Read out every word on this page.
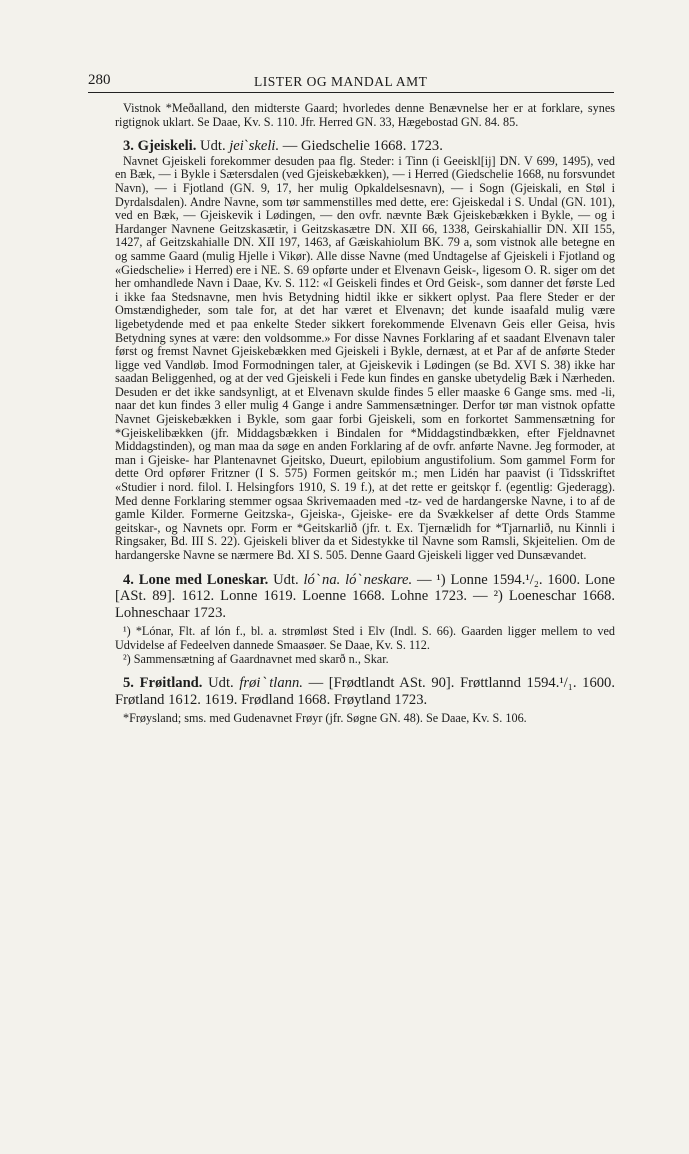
280	LISTER OG MANDAL AMT

Vistnok *Meðalland, den midterste Gaard; hvorledes denne Benævnelse her er at forklare, synes rigtignok uklart. Se Daae, Kv. S. 110. Jfr. Herred GN. 33, Hægebostad GN. 84. 85.

3. Gjeiskeli. Udt. jeiˋskeli. — Giedschelie 1668. 1723.

Navnet Gjeiskeli forekommer desuden paa flg. Steder: i Tinn (i Geeiskl[ij] DN. V 699, 1495), ved en Bæk, — i Bykle i Sætersdalen (ved Gjeiskebækken), — i Herred (Giedschelie 1668, nu forsvundet Navn), — i Fjotland (GN. 9, 17, her mulig Opkaldelsesnavn), — i Sogn (Gjeiskali, en Støl i Dyrdalsdalen). Andre Navne, som tør sammenstilles med dette, ere: Gjeiskedal i S. Undal (GN. 101), ved en Bæk, — Gjeiskevik i Lødingen, — den ovfr. nævnte Bæk Gjeiskebækken i Bykle, — og i Hardanger Navnene Geitzskasætir, i Geitzskasætre DN. XII 66, 1338, Geirskahiallir DN. XII 155, 1427, af Geitzskahialle DN. XII 197, 1463, af Gæiskahiolum BK. 79 a, som vistnok alle betegne en og samme Gaard (mulig Hjelle i Vikør). Alle disse Navne (med Undtagelse af Gjeiskeli i Fjotland og «Giedschelie» i Herred) ere i NE. S. 69 opførte under et Elvenavn Geisk-, ligesom O. R. siger om det her omhandlede Navn i Daae, Kv. S. 112: «I Geiskeli findes et Ord Geisk-, som danner det første Led i ikke faa Stedsnavne, men hvis Betydning hidtil ikke er sikkert oplyst. Paa flere Steder er der Omstændigheder, som tale for, at det har været et Elvenavn; det kunde isaafald mulig være ligebetydende med et paa enkelte Steder sikkert forekommende Elvenavn Geis eller Geisa, hvis Betydning synes at være: den voldsomme.» For disse Navnes Forklaring af et saadant Elvenavn taler først og fremst Navnet Gjeiskebækken med Gjeiskeli i Bykle, dernæst, at et Par af de anførte Steder ligge ved Vandløb. Imod Formodningen taler, at Gjeiskevik i Lødingen (se Bd. XVI S. 38) ikke har saadan Beliggenhed, og at der ved Gjeiskeli i Fede kun findes en ganske ubetydelig Bæk i Nærheden. Desuden er det ikke sandsynligt, at et Elvenavn skulde findes 5 eller maaske 6 Gange sms. med -li, naar det kun findes 3 eller mulig 4 Gange i andre Sammensætninger. Derfor tør man vistnok opfatte Navnet Gjeiskebækken i Bykle, som gaar forbi Gjeiskeli, som en forkortet Sammensætning for *Gjeiskelibækken (jfr. Middagsbækken i Bindalen for *Middagstindbækken, efter Fjeldnavnet Middagstinden), og man maa da søge en anden Forklaring af de ovfr. anførte Navne. Jeg formoder, at man i Gjeiske- har Plantenavnet Gjeitsko, Dueurt, epilobium angustifolium. Som gammel Form for dette Ord opfører Fritzner (I S. 575) Formen geitskór m.; men Lidén har paavist (i Tidsskriftet «Studier i nord. filol. I. Helsingfors 1910, S. 19 f.), at det rette er geitskǫr f. (egentlig: Gjederagg). Med denne Forklaring stemmer ogsaa Skrivemaaden med -tz- ved de hardangerske Navne, i to af de gamle Kilder. Formerne Geitzska-, Gjeiska-, Gjeiske- ere da Svækkelser af dette Ords Stamme geitskar-, og Navnets opr. Form er *Geitskarlið (jfr. t. Ex. Tjernælidh for *Tjarnarlið, nu Kinnli i Ringsaker, Bd. III S. 22). Gjeiskeli bliver da et Sidestykke til Navne som Ramsli, Skjeitelien. Om de hardangerske Navne se nærmere Bd. XI S. 505. Denne Gaard Gjeiskeli ligger ved Dunsævandet.

4. Lone med Loneskar. Udt. lóˋna. lóˋneskare. — ¹) Lonne 1594.¹/₂. 1600. Lone [ASt. 89]. 1612. Lonne 1619. Loenne 1668. Lohne 1723. — ²) Loeneschar 1668. Lohneschaar 1723.

¹) *Lónar, Flt. af lón f., bl. a. strømløst Sted i Elv (Indl. S. 66). Gaarden ligger mellem to ved Udvidelse af Fedeelven dannede Smaasøer. Se Daae, Kv. S. 112.

²) Sammensætning af Gaardnavnet med skarð n., Skar.

5. Frøitland. Udt. frøiˋtlann. — [Frødtlandt ASt. 90]. Frøttlannd 1594.¹/₁. 1600. Frøtland 1612. 1619. Frødland 1668. Frøytland 1723.

*Frøysland; sms. med Gudenavnet Frøyr (jfr. Søgne GN. 48). Se Daae, Kv. S. 106.
